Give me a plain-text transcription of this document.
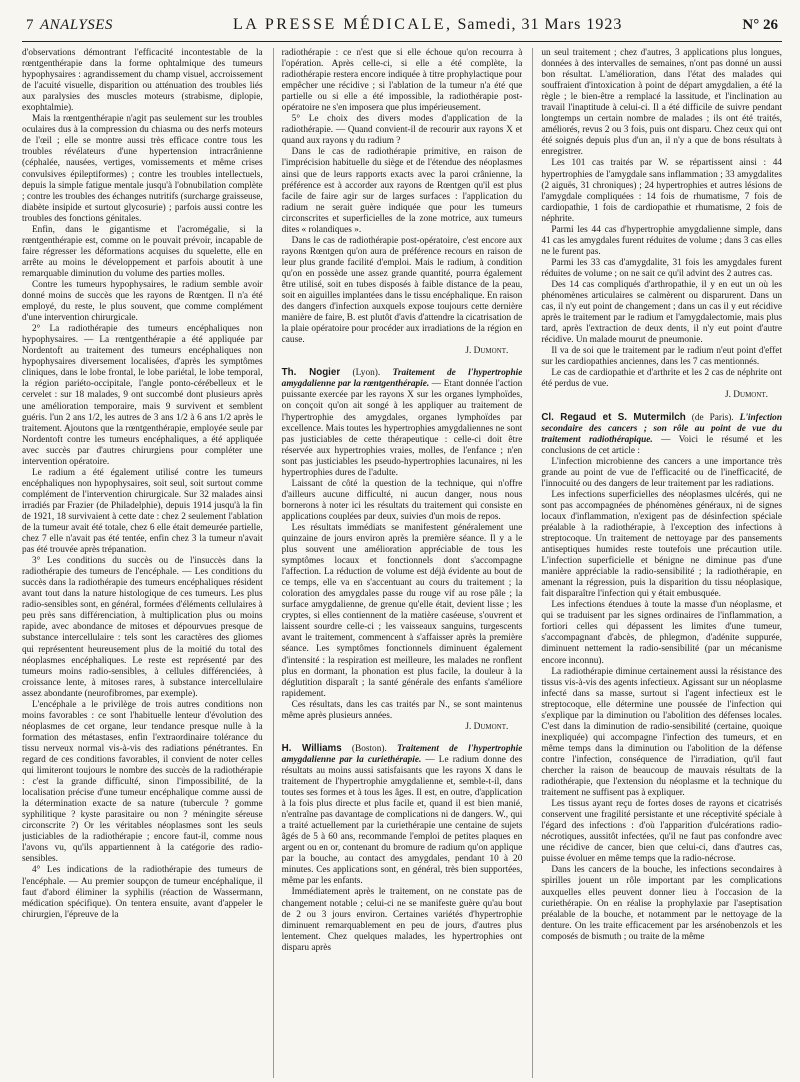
7 ANALYSES	LA PRESSE MÉDICALE, Samedi, 31 Mars 1923	N° 26

d'observations démontrant l'efficacité incontestable de la rœntgenthérapie dans la forme ophtalmique des tumeurs hypophysaires : agrandissement du champ visuel, accroissement de l'acuité visuelle, disparition ou atténuation des troubles liés aux paralysies des muscles moteurs (strabisme, diplopie, exophtalmie).

Mais la rœntgenthérapie n'agit pas seulement sur les troubles oculaires dus à la compression du chiasma ou des nerfs moteurs de l'œil ; elle se montre aussi très efficace contre tous les troubles révélateurs d'une hypertension intracrânienne (céphalée, nausées, vertiges, vomissements et même crises convulsives épileptiformes) ; contre les troubles intellectuels, depuis la simple fatigue mentale jusqu'à l'obnubilation complète ; contre les troubles des échanges nutritifs (surcharge graisseuse, diabète insipide et surtout glycosurie) ; parfois aussi contre les troubles des fonctions génitales.

Enfin, dans le gigantisme et l'acromégalie, si la rœntgenthérapie est, comme on le pouvait prévoir, incapable de faire régresser les déformations acquises du squelette, elle en arrête au moins le développement et parfois aboutit à une remarquable diminution du volume des parties molles.

Contre les tumeurs hypophysaires, le radium semble avoir donné moins de succès que les rayons de Rœntgen. Il n'a été employé, du reste, le plus souvent, que comme complément d'une intervention chirurgicale.

2° La radiothérapie des tumeurs encéphaliques non hypophysaires. — La rœntgenthérapie a été appliquée par Nordentoft au traitement des tumeurs encéphaliques non hypophysaires diversement localisées, d'après les symptômes cliniques, dans le lobe frontal, le lobe pariétal, le lobe temporal, la région pariéto-occipitale, l'angle ponto-cérébelleux et le cervelet : sur 18 malades, 9 ont succombé dont plusieurs après une amélioration temporaire, mais 9 survivent et semblent guéris. l'un 2 ans 1/2, les autres de 3 ans 1/2 à 6 ans 1/2 après le traitement. Ajoutons que la rœntgenthérapie, employée seule par Nordentoft contre les tumeurs encéphaliques, a été appliquée avec succès par d'autres chirurgiens pour compléter une intervention opératoire.

Le radium a été également utilisé contre les tumeurs encéphaliques non hypophysaires, soit seul, soit surtout comme complément de l'intervention chirurgicale. Sur 32 malades ainsi irradiés par Frazier (de Philadelphie), depuis 1914 jusqu'à la fin de 1921, 18 survivaient à cette date : chez 2 seulement l'ablation de la tumeur avait été totale, chez 6 elle était demeurée partielle, chez 7 elle n'avait pas été tentée, enfin chez 3 la tumeur n'avait pas été trouvée après trépanation.

3° Les conditions du succès ou de l'insuccès dans la radiothérapie des tumeurs de l'encéphale. — Les conditions du succès dans la radiothérapie des tumeurs encéphaliques résident avant tout dans la nature histologique de ces tumeurs. Les plus radio-sensibles sont, en général, formées d'éléments cellulaires à peu près sans différenciation, à multiplication plus ou moins rapide, avec abondance de mitoses et dépourvues presque de substance intercellulaire : tels sont les caractères des gliomes qui représentent heureusement plus de la moitié du total des néoplasmes encéphaliques. Le reste est représenté par des tumeurs moins radio-sensibles, à cellules différenciées, à croissance lente, à mitoses rares, à substance intercellulaire assez abondante (neurofibromes, par exemple).

L'encéphale a le privilège de trois autres conditions non moins favorables : ce sont l'habituelle lenteur d'évolution des néoplasmes de cet organe, leur tendance presque nulle à la formation des métastases, enfin l'extraordinaire tolérance du tissu nerveux normal vis-à-vis des radiations pénétrantes. En regard de ces conditions favorables, il convient de noter celles qui limiteront toujours le nombre des succès de la radiothérapie : c'est la grande difficulté, sinon l'impossibilité, de la localisation précise d'une tumeur encéphalique comme aussi de la détermination exacte de sa nature (tubercule ? gomme syphilitique ? kyste parasitaire ou non ? méningite séreuse circonscrite ?) Or les véritables néoplasmes sont les seuls justiciables de la radiothérapie ; encore faut-il, comme nous l'avons vu, qu'ils appartiennent à la catégorie des radio-sensibles.

4° Les indications de la radiothérapie des tumeurs de l'encéphale. — Au premier soupçon de tumeur encéphalique, il faut d'abord éliminer la syphilis (réaction de Wassermann, médication spécifique). On tentera ensuite, avant d'appeler le chirurgien, l'épreuve de la

radiothérapie : ce n'est que si elle échoue qu'on recourra à l'opération. Après celle-ci, si elle a été complète, la radiothérapie restera encore indiquée à titre prophylactique pour empêcher une récidive ; si l'ablation de la tumeur n'a été que partielle ou si elle a été impossible, la radiothérapie post-opératoire ne s'en imposera que plus impérieusement.

5° Le choix des divers modes d'application de la radiothérapie. — Quand convient-il de recourir aux rayons X et quand aux rayons γ du radium ?

Dans le cas de radiothérapie primitive, en raison de l'imprécision habituelle du siège et de l'étendue des néoplasmes ainsi que de leurs rapports exacts avec la paroi crânienne, la préférence est à accorder aux rayons de Rœntgen qu'il est plus facile de faire agir sur de larges surfaces : l'application du radium ne serait guère indiquée que pour les tumeurs circonscrites et superficielles de la zone motrice, aux tumeurs dites « rolandiques ».

Dans le cas de radiothérapie post-opératoire, c'est encore aux rayons Rœntgen qu'on aura de préférence recours en raison de leur plus grande facilité d'emploi. Mais le radium, à condition qu'on en possède une assez grande quantité, pourra également être utilisé, soit en tubes disposés à faible distance de la peau, soit en aiguilles implantées dans le tissu encéphalique. En raison des dangers d'infection auxquels expose toujours cette dernière manière de faire, B. est plutôt d'avis d'attendre la cicatrisation de la plaie opératoire pour procéder aux irradiations de la région en cause.

J. Dumont.

Th. Nogier (Lyon). Traitement de l'hypertrophie amygdalienne par la rœntgenthérapie. — Etant donnée l'action puissante exercée par les rayons X sur les organes lymphoïdes, on conçoit qu'on ait songé à les appliquer au traitement de l'hypertrophie des amygdales, organes lymphoïdes par excellence. Mais toutes les hypertrophies amygdaliennes ne sont pas justiciables de cette thérapeutique : celle-ci doit être réservée aux hypertrophies vraies, molles, de l'enfance ; n'en sont pas justiciables les pseudo-hypertrophies lacunaires, ni les hypertrophies dures de l'adulte.

Laissant de côté la question de la technique, qui n'offre d'ailleurs aucune difficulté, ni aucun danger, nous nous bornerons à noter ici les résultats du traitement qui consiste en applications couplées par deux, suivies d'un mois de repos.

Les résultats immédiats se manifestent généralement une quinzaine de jours environ après la première séance. Il y a le plus souvent une amélioration appréciable de tous les symptômes locaux et fonctionnels dont s'accompagne l'affection. La réduction de volume est déjà évidente au bout de ce temps, elle va en s'accentuant au cours du traitement ; la coloration des amygdales passe du rouge vif au rose pâle ; la surface amygdalienne, de grenue qu'elle était, devient lisse ; les cryptes, si elles contiennent de la matière caséeuse, s'ouvrent et laissent sourdre celle-ci ; les vaisseaux sanguins, turgescents avant le traitement, commencent à s'affaisser après la première séance. Les symptômes fonctionnels diminuent également d'intensité : la respiration est meilleure, les malades ne ronflent plus en dormant, la phonation est plus facile, la douleur à la déglutition disparaît ; la santé générale des enfants s'améliore rapidement.

Ces résultats, dans les cas traités par N., se sont maintenus même après plusieurs années.

J. Dumont.

H. Williams (Boston). Traitement de l'hypertrophie amygdalienne par la curiethérapie. — Le radium donne des résultats au moins aussi satisfaisants que les rayons X dans le traitement de l'hypertrophie amygdalienne et, semble-t-il, dans toutes ses formes et à tous les âges. Il est, en outre, d'application à la fois plus directe et plus facile et, quand il est bien manié, n'entraîne pas davantage de complications ni de dangers. W., qui a traité actuellement par la curiethérapie une centaine de sujets âgés de 5 à 60 ans, recommande l'emploi de petites plaques en argent ou en or, contenant du bromure de radium qu'on applique par la bouche, au contact des amygdales, pendant 10 à 20 minutes. Ces applications sont, en général, très bien supportées, même par les enfants.

Immédiatement après le traitement, on ne constate pas de changement notable ; celui-ci ne se manifeste guère qu'au bout de 2 ou 3 jours environ. Certaines variétés d'hypertrophie diminuent remarquablement en peu de jours, d'autres plus lentement. Chez quelques malades, les hypertrophies ont disparu après

un seul traitement ; chez d'autres, 3 applications plus longues, données à des intervalles de semaines, n'ont pas donné un aussi bon résultat. L'amélioration, dans l'état des malades qui souffraient d'intoxication à point de départ amygdalien, a été la règle ; le bien-être a remplacé la lassitude, et l'inclination au travail l'inaptitude à celui-ci. Il a été difficile de suivre pendant longtemps un certain nombre de malades ; ils ont été traités, améliorés, revus 2 ou 3 fois, puis ont disparu. Chez ceux qui ont été soignés depuis plus d'un an, il n'y a que de bons résultats à enregistrer.

Les 101 cas traités par W. se répartissent ainsi : 44 hypertrophies de l'amygdale sans inflammation ; 33 amygdalites (2 aiguës, 31 chroniques) ; 24 hypertrophies et autres lésions de l'amygdale compliquées : 14 fois de rhumatisme, 7 fois de cardiopathie, 1 fois de cardiopathie et rhumatisme, 2 fois de néphrite.

Parmi les 44 cas d'hypertrophie amygdalienne simple, dans 41 cas les amygdales furent réduites de volume ; dans 3 cas elles ne le furent pas.

Parmi les 33 cas d'amygdalite, 31 fois les amygdales furent réduites de volume ; on ne sait ce qu'il advint des 2 autres cas.

Des 14 cas compliqués d'arthropathie, il y en eut un où les phénomènes articulaires se calmèrent ou disparurent. Dans un cas, il n'y eut point de changement ; dans un cas il y eut récidive après le traitement par le radium et l'amygdalectomie, mais plus tard, après l'extraction de deux dents, il n'y eut point d'autre récidive. Un malade mourut de pneumonie.

Il va de soi que le traitement par le radium n'eut point d'effet sur les cardiopathies anciennes, dans les 7 cas mentionnés.

Le cas de cardiopathie et d'arthrite et les 2 cas de néphrite ont été perdus de vue.

J. Dumont.

Cl. Regaud et S. Mutermilch (de Paris). L'infection secondaire des cancers ; son rôle au point de vue du traitement radiothérapique. — Voici le résumé et les conclusions de cet article :

L'infection microbienne des cancers a une importance très grande au point de vue de l'efficacité ou de l'inefficacité, de l'innocuité ou des dangers de leur traitement par les radiations.

Les infections superficielles des néoplasmes ulcérés, qui ne sont pas accompagnées de phénomènes généraux, ni de signes locaux d'inflammation, n'exigent pas de désinfection spéciale préalable à la radiothérapie, à l'exception des infections à streptocoque. Un traitement de nettoyage par des pansements antiseptiques humides reste toutefois une précaution utile. L'infection superficielle et bénigne ne diminue pas d'une manière appréciable la radio-sensibilité ; la radiothérapie, en amenant la régression, puis la disparition du tissu néoplasique, fait disparaître l'infection qui y était embusquée.

Les infections étendues à toute la masse d'un néoplasme, et qui se traduisent par les signes ordinaires de l'inflammation, a fortiori celles qui dépassent les limites d'une tumeur, s'accompagnant d'abcès, de phlegmon, d'adénite suppurée, diminuent nettement la radio-sensibilité (par un mécanisme encore inconnu).

La radiothérapie diminue certainement aussi la résistance des tissus vis-à-vis des agents infectieux. Agissant sur un néoplasme infecté dans sa masse, surtout si l'agent infectieux est le streptocoque, elle détermine une poussée de l'infection qui s'explique par la diminution ou l'abolition des défenses locales. C'est dans la diminution de radio-sensibilité (certaine, quoique inexpliquée) qui accompagne l'infection des tumeurs, et en même temps dans la diminution ou l'abolition de la défense contre l'infection, conséquence de l'irradiation, qu'il faut chercher la raison de beaucoup de mauvais résultats de la radiothérapie, que l'extension du néoplasme et la technique du traitement ne suffisent pas à expliquer.

Les tissus ayant reçu de fortes doses de rayons et cicatrisés conservent une fragilité persistante et une réceptivité spéciale à l'égard des infections : d'où l'apparition d'ulcérations radio-nécrotiques, aussitôt infectées, qu'il ne faut pas confondre avec une récidive de cancer, bien que celui-ci, dans d'autres cas, puisse évoluer en même temps que la radio-nécrose.

Dans les cancers de la bouche, les infections secondaires à spirilles jouent un rôle important par les complications auxquelles elles peuvent donner lieu à l'occasion de la curiethérapie. On en réalise la prophylaxie par l'aseptisation préalable de la bouche, et notamment par le nettoyage de la denture. On les traite efficacement par les arsénobenzols et les composés de bismuth ; ou traite de la même
